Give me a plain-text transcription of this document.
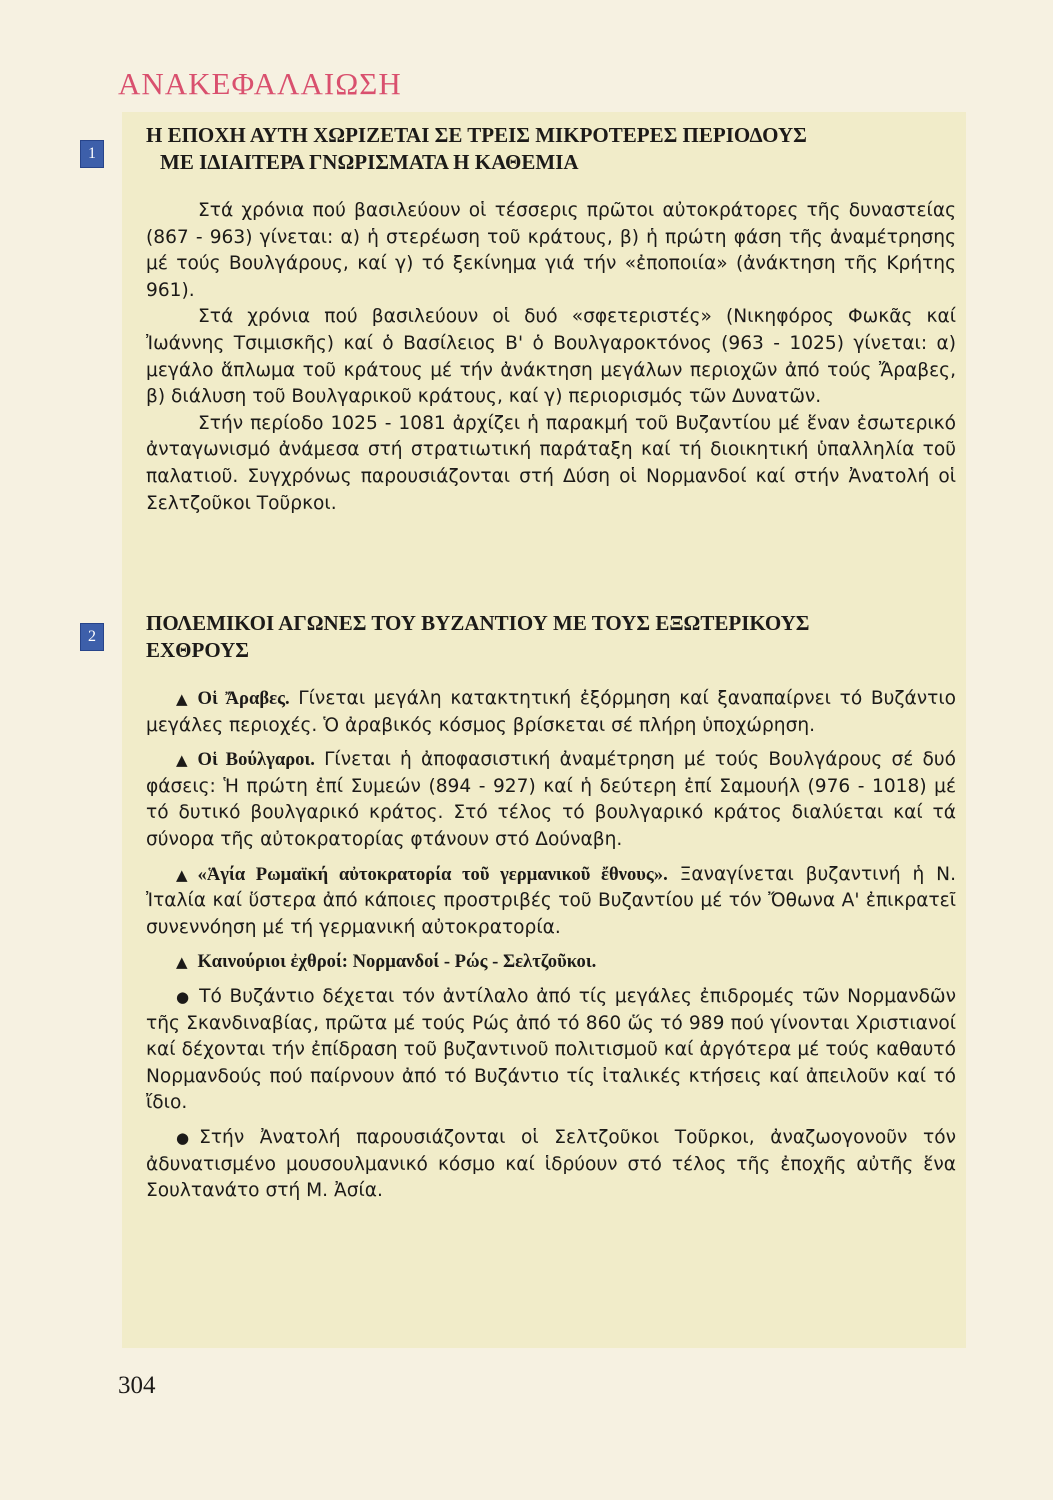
ΑΝΑΚΕΦΑΛΑΙΩΣΗ
1
Η ΕΠΟΧΗ ΑΥΤΗ ΧΩΡΙΖΕΤΑΙ ΣΕ ΤΡΕΙΣ ΜΙΚΡΟΤΕΡΕΣ ΠΕΡΙΟΔΟΥΣ
ΜΕ ΙΔΙΑΙΤΕΡΑ ΓΝΩΡΙΣΜΑΤΑ Η ΚΑΘΕΜΙΑ

Στά χρόνια πού βασιλεύουν οἱ τέσσερις πρῶτοι αὐτοκράτορες τῆς δυναστείας (867 - 963) γίνεται: α) ἡ στερέωση τοῦ κράτους, β) ἡ πρώτη φάση τῆς ἀναμέτρησης μέ τούς Βουλγάρους, καί γ) τό ξεκίνημα γιά τήν «ἐποποιία» (ἀνάκτηση τῆς Κρήτης 961).

Στά χρόνια πού βασιλεύουν οἱ δυό «σφετεριστές» (Νικηφόρος Φωκᾶς καί Ἰωάννης Τσιμισκῆς) καί ὁ Βασίλειος Β' ὁ Βουλγαροκτόνος (963 - 1025) γίνεται: α) μεγάλο ἅπλωμα τοῦ κράτους μέ τήν ἀνάκτηση μεγάλων περιοχῶν ἀπό τούς Ἄραβες, β) διάλυση τοῦ Βουλγαρικοῦ κράτους, καί γ) περιορισμός τῶν Δυνατῶν.

Στήν περίοδο 1025 - 1081 ἀρχίζει ἡ παρακμή τοῦ Βυζαντίου μέ ἕναν ἐσωτερικό ἀνταγωνισμό ἀνάμεσα στή στρατιωτική παράταξη καί τή διοικητική ὑπαλληλία τοῦ παλατιοῦ. Συγχρόνως παρουσιάζονται στή Δύση οἱ Νορμανδοί καί στήν Ἀνατολή οἱ Σελτζοῦκοι Τοῦρκοι.

2
ΠΟΛΕΜΙΚΟΙ ΑΓΩΝΕΣ ΤΟΥ ΒΥΖΑΝΤΙΟΥ ΜΕ ΤΟΥΣ ΕΞΩΤΕΡΙΚΟΥΣ
ΕΧΘΡΟΥΣ

▲ Οἱ Ἄραβες. Γίνεται μεγάλη κατακτητική ἐξόρμηση καί ξαναπαίρνει τό Βυζάντιο μεγάλες περιοχές. Ὁ ἀραβικός κόσμος βρίσκεται σέ πλήρη ὑποχώρηση.

▲ Οἱ Βούλγαροι. Γίνεται ἡ ἀποφασιστική ἀναμέτρηση μέ τούς Βουλγάρους σέ δυό φάσεις: Ἡ πρώτη ἐπί Συμεών (894 - 927) καί ἡ δεύτερη ἐπί Σαμουήλ (976 - 1018) μέ τό δυτικό βουλγαρικό κράτος. Στό τέλος τό βουλγαρικό κράτος διαλύεται καί τά σύνορα τῆς αὐτοκρατορίας φτάνουν στό Δούναβη.

▲ «Ἁγία Ρωμαϊκή αὐτοκρατορία τοῦ γερμανικοῦ ἔθνους». Ξαναγίνεται βυζαντινή ἡ Ν. Ἰταλία καί ὕστερα ἀπό κάποιες προστριβές τοῦ Βυζαντίου μέ τόν Ὄθωνα Α' ἐπικρατεῖ συνεννόηση μέ τή γερμανική αὐτοκρατορία.

▲ Καινούριοι ἐχθροί: Νορμανδοί - Ρώς - Σελτζοῦκοι.

● Τό Βυζάντιο δέχεται τόν ἀντίλαλο ἀπό τίς μεγάλες ἐπιδρομές τῶν Νορμανδῶν τῆς Σκανδιναβίας, πρῶτα μέ τούς Ρώς ἀπό τό 860 ὥς τό 989 πού γίνονται Χριστιανοί καί δέχονται τήν ἐπίδραση τοῦ βυζαντινοῦ πολιτισμοῦ καί ἀργότερα μέ τούς καθαυτό Νορμανδούς πού παίρνουν ἀπό τό Βυζάντιο τίς ἰταλικές κτήσεις καί ἀπειλοῦν καί τό ἴδιο.

● Στήν Ἀνατολή παρουσιάζονται οἱ Σελτζοῦκοι Τοῦρκοι, ἀναζωογονοῦν τόν ἀδυνατισμένο μουσουλμανικό κόσμο καί ἱδρύουν στό τέλος τῆς ἐποχῆς αὐτῆς ἕνα Σουλτανάτο στή Μ. Ἀσία.

304
